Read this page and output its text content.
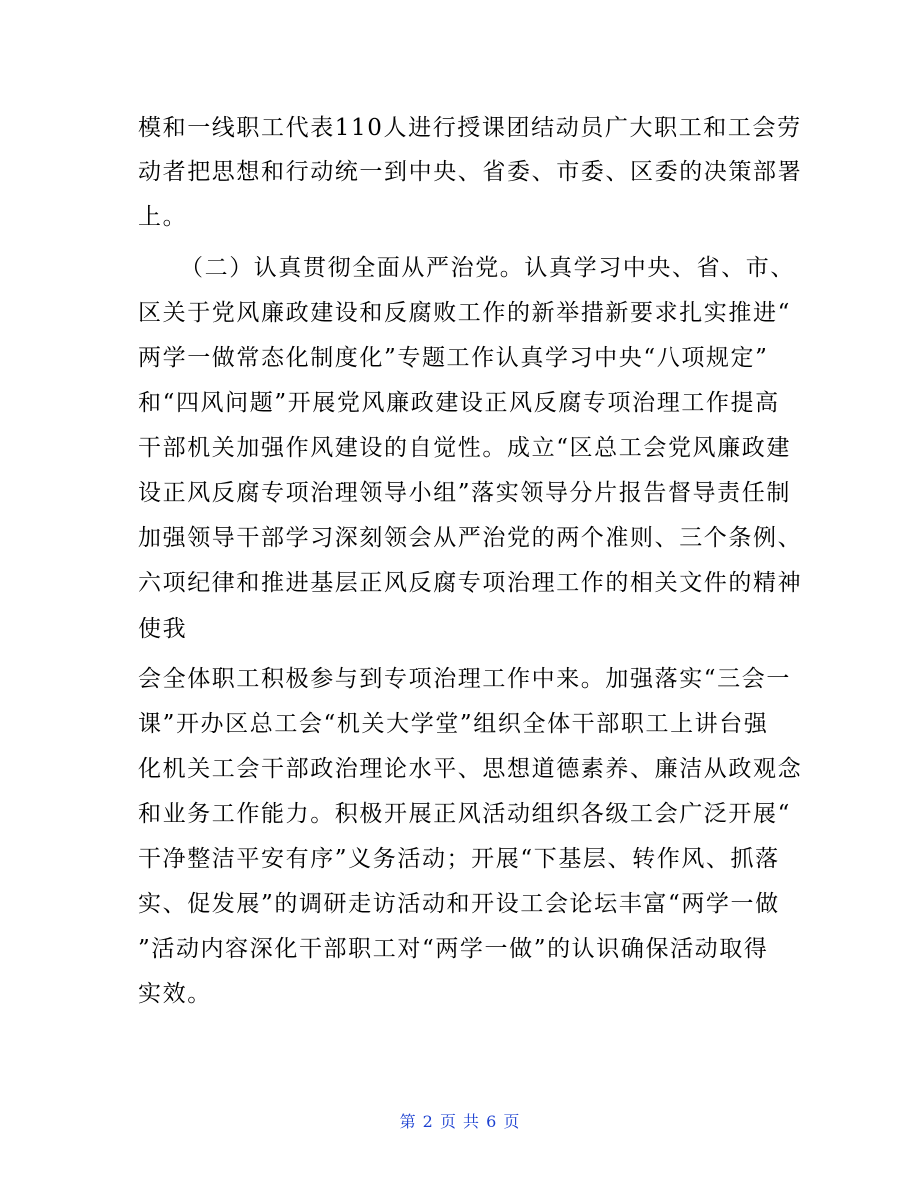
模和一线职工代表110人进行授课团结动员广大职工和工会劳
动者把思想和行动统一到中央、省委、市委、区委的决策部署
上。
（二）认真贯彻全面从严治党。认真学习中央、省、市、
区关于党风廉政建设和反腐败工作的新举措新要求扎实推进“
两学一做常态化制度化”专题工作认真学习中央“八项规定”
和“四风问题”开展党风廉政建设正风反腐专项治理工作提高
干部机关加强作风建设的自觉性。成立“区总工会党风廉政建
设正风反腐专项治理领导小组”落实领导分片报告督导责任制
加强领导干部学习深刻领会从严治党的两个准则、三个条例、
六项纪律和推进基层正风反腐专项治理工作的相关文件的精神
使我
会全体职工积极参与到专项治理工作中来。加强落实“三会一
课”开办区总工会“机关大学堂”组织全体干部职工上讲台强
化机关工会干部政治理论水平、思想道德素养、廉洁从政观念
和业务工作能力。积极开展正风活动组织各级工会广泛开展“
干净整洁平安有序”义务活动；开展“下基层、转作风、抓落
实、促发展”的调研走访活动和开设工会论坛丰富“两学一做
”活动内容深化干部职工对“两学一做”的认识确保活动取得
实效。
第 2 页 共 6 页
